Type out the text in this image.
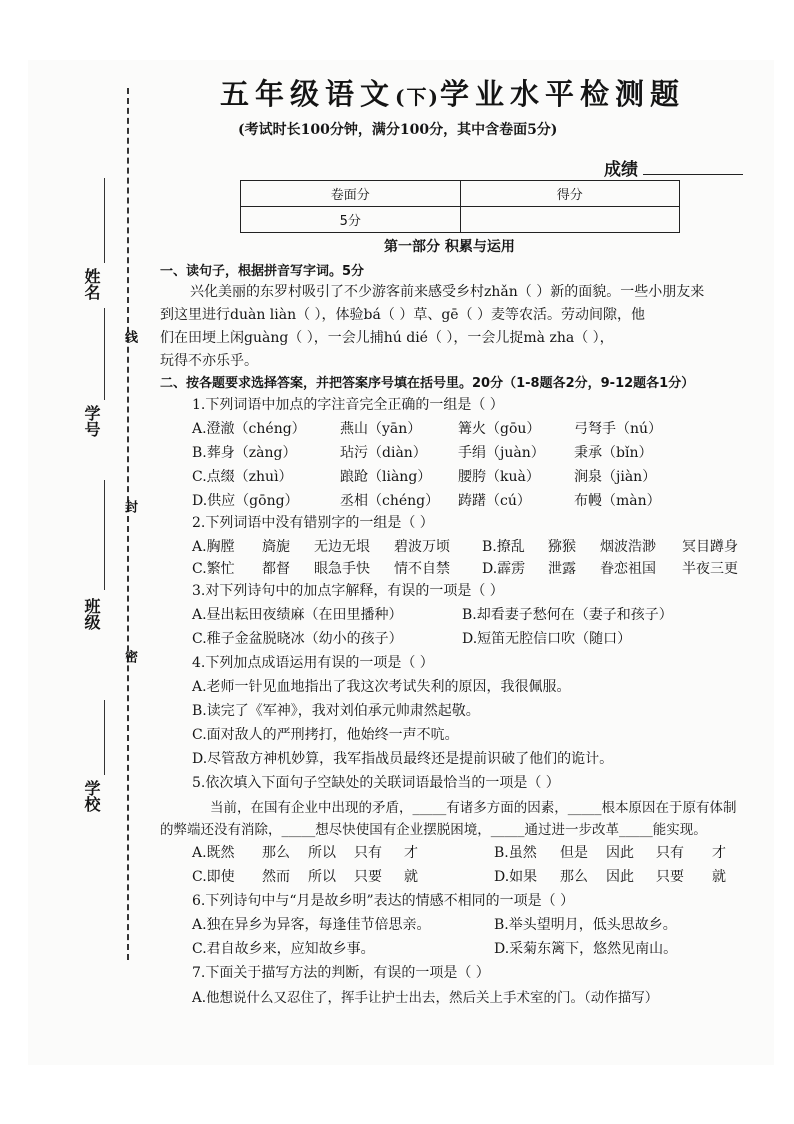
学校
班级
学号
姓名
密
封
线
五年级语文(下)学业水平检测题
(考试时长100分钟，满分100分，其中含卷面5分)
成绩
卷面分	得分
5分	
第一部分 积累与运用
一、读句子，根据拼音写字词。5分
兴化美丽的东罗村吸引了不少游客前来感受乡村zhǎn（ ）新的面貌。一些小朋友来
到这里进行duàn liàn（ ），体验bá（ ）草、gē（ ）麦等农活。劳动间隙，他
们在田埂上闲guàng（ ），一会儿捕hú dié（ ），一会儿捉mà zha（ ），
玩得不亦乐乎。
二、按各题要求选择答案，并把答案序号填在括号里。20分（1-8题各2分，9-12题各1分）
1.下列词语中加点的字注音完全正确的一组是（ ）
A.澄澈（chéng） 燕山（yān）	篝火（gōu） 弓弩手（nú）
B.葬身（zàng）	玷污（diàn） 手绢（juàn） 秉承（bǐn）
C.点缀（zhuì）	踉跄（liàng） 腰胯（kuà） 涧泉（jiàn）
D.供应（gōng）	丞相（chéng） 踌躇（cú）	布幔（màn）
2.下列词语中没有错别字的一组是（ ）
A.胸膛 旖旎 无边无垠 碧波万顷 B.撩乱 猕猴 烟波浩渺 冥目蹲身
C.繁忙 都督 眼急手快 情不自禁 D.霹雳 泄露 眷恋祖国 半夜三更
3.对下列诗句中的加点字解释，有误的一项是（ ）
A.昼出耘田夜绩麻（在田里播种）	B.却看妻子愁何在（妻子和孩子）
C.稚子金盆脱晓冰（幼小的孩子）	D.短笛无腔信口吹（随口）
4.下列加点成语运用有误的一项是（ ）
A.老师一针见血地指出了我这次考试失利的原因，我很佩服。
B.读完了《军神》，我对刘伯承元帅肃然起敬。
C.面对敌人的严刑拷打，他始终一声不吭。
D.尽管敌方神机妙算，我军指战员最终还是提前识破了他们的诡计。
5.依次填入下面句子空缺处的关联词语最恰当的一项是（ ）
当前，在国有企业中出现的矛盾，_____有诸多方面的因素，_____根本原因在于原有体制
的弊端还没有消除，_____想尽快使国有企业摆脱困境，_____通过进一步改革_____能实现。
A.既然 那么 所以 只有 才	B.虽然 但是 因此 只有 才
C.即使 然而 所以 只要 就	D.如果 那么 因此 只要 就
6.下列诗句中与“月是故乡明”表达的情感不相同的一项是（ ）
A.独在异乡为异客，每逢佳节倍思亲。	B.举头望明月，低头思故乡。
C.君自故乡来，应知故乡事。	D.采菊东篱下，悠然见南山。
7.下面关于描写方法的判断，有误的一项是（ ）
A.他想说什么又忍住了，挥手让护士出去，然后关上手术室的门。（动作描写）
